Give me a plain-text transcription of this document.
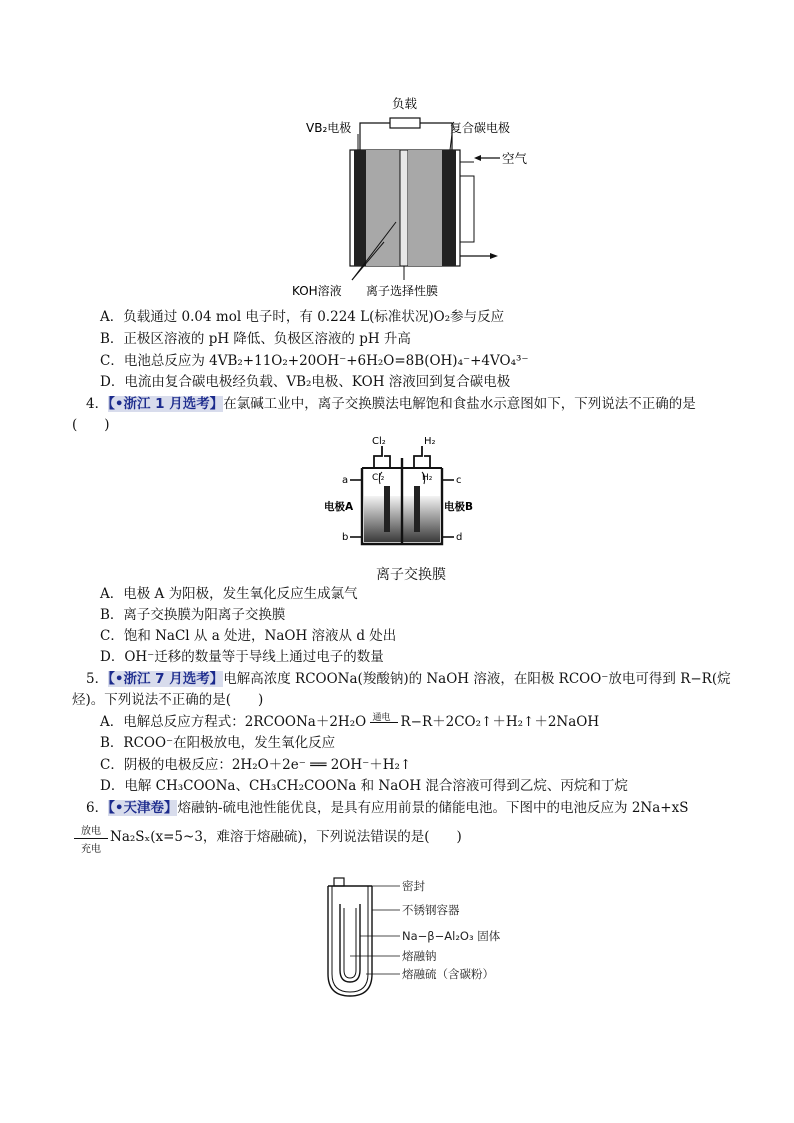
负载
VB₂电极	复合碳电极
空气
KOH溶液 离子选择性膜
A．负载通过 0.04 mol 电子时，有 0.224 L(标准状况)O₂参与反应
B．正极区溶液的 pH 降低、负极区溶液的 pH 升高
C．电池总反应为 4VB₂+11O₂+20OH⁻+6H₂O=8B(OH)₄⁻+4VO₄³⁻
D．电流由复合碳电极经负载、VB₂电极、KOH 溶液回到复合碳电极
4．【•浙江 1 月选考】在氯碱工业中，离子交换膜法电解饱和食盐水示意图如下，下列说法不正确的是
(　　)
Cl₂	H₂
Cl₂	H₂
a	c
b	d
电极A	电极B
离子交换膜
A．电极 A 为阳极，发生氧化反应生成氯气
B．离子交换膜为阳离子交换膜
C．饱和 NaCl 从 a 处进，NaOH 溶液从 d 处出
D．OH⁻迁移的数量等于导线上通过电子的数量
5．【•浙江 7 月选考】电解高浓度 RCOONa(羧酸钠)的 NaOH 溶液，在阳极 RCOO⁻放电可得到 R−R(烷
烃)。下列说法不正确的是(　　)
A．电解总反应方程式：2RCOONa＋2H₂O 通电 R−R＋2CO₂↑＋H₂↑＋2NaOH
B．RCOO⁻在阳极放电，发生氧化反应
C．阴极的电极反应：2H₂O＋2e⁻ ══ 2OH⁻＋H₂↑
D．电解 CH₃COONa、CH₃CH₂COONa 和 NaOH 混合溶液可得到乙烷、丙烷和丁烷
6．【•天津卷】熔融钠-硫电池性能优良，是具有应用前景的储能电池。下图中的电池反应为 2Na+xS
放电
充电
Na₂Sₓ(x=5~3，难溶于熔融硫)，下列说法错误的是(　　)
密封
不锈钢容器
Na−β−Al₂O₃ 固体
熔融钠
熔融硫（含碳粉）
